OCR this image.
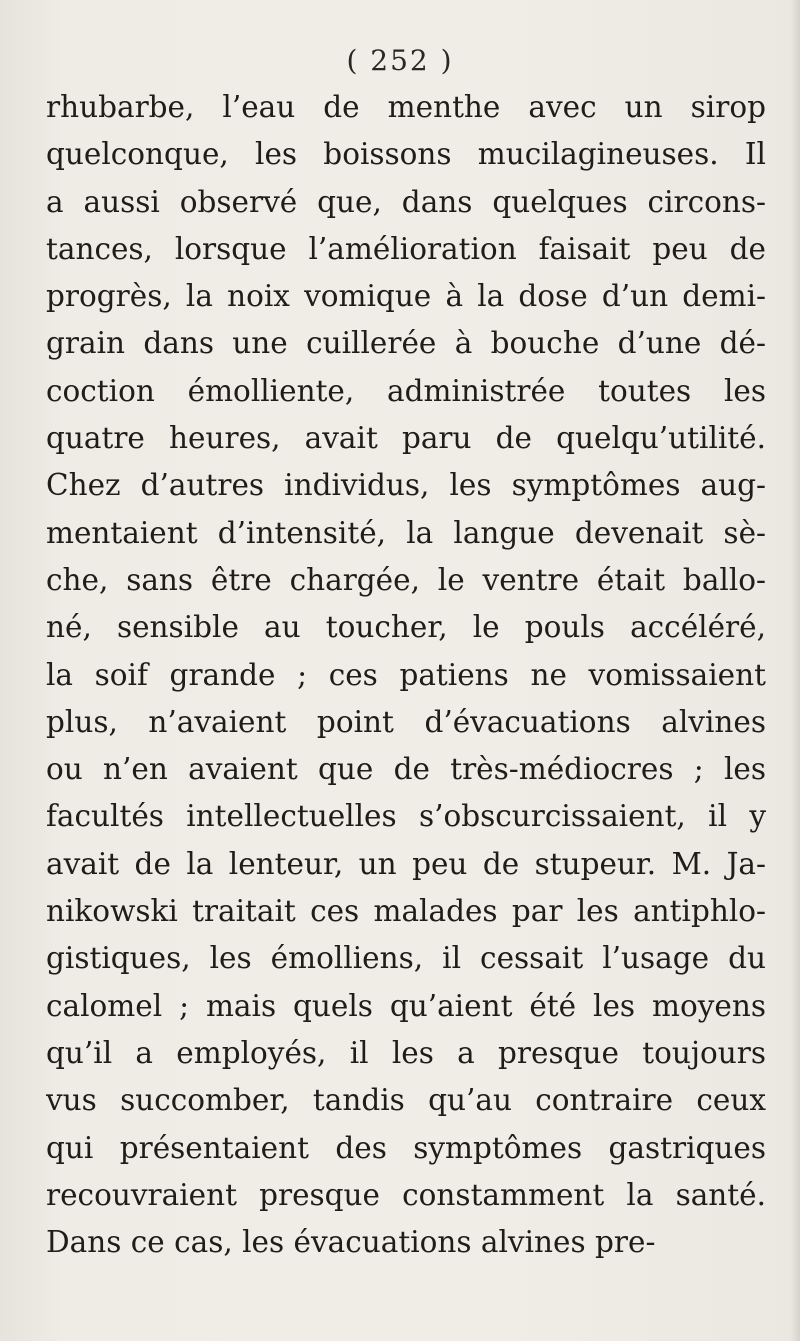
( 252 )
rhubarbe, l’eau de menthe avec un sirop
quelconque, les boissons mucilagineuses. Il
a aussi observé que, dans quelques circons-
tances, lorsque l’amélioration faisait peu de
progrès, la noix vomique à la dose d’un demi-
grain dans une cuillerée à bouche d’une dé-
coction émolliente, administrée toutes les
quatre heures, avait paru de quelqu’utilité.
Chez d’autres individus, les symptômes aug-
mentaient d’intensité, la langue devenait sè-
che, sans être chargée, le ventre était ballo-
né, sensible au toucher, le pouls accéléré,
la soif grande ; ces patiens ne vomissaient
plus, n’avaient point d’évacuations alvines
ou n’en avaient que de très-médiocres ; les
facultés intellectuelles s’obscurcissaient, il y
avait de la lenteur, un peu de stupeur. M. Ja-
nikowski traitait ces malades par les antiphlo-
gistiques, les émolliens, il cessait l’usage du
calomel ; mais quels qu’aient été les moyens
qu’il a employés, il les a presque toujours
vus succomber, tandis qu’au contraire ceux
qui présentaient des symptômes gastriques
recouvraient presque constamment la santé.
Dans ce cas, les évacuations alvines pre-
